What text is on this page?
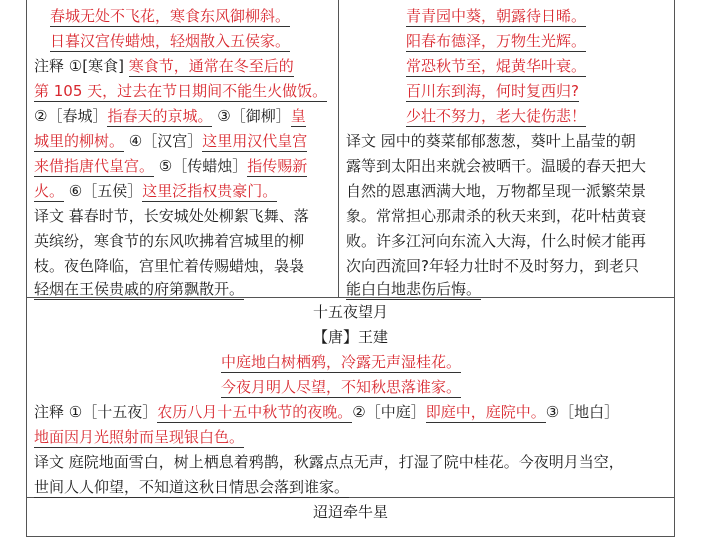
春城无处不飞花，寒食东风御柳斜。
日暮汉宫传蜡烛，轻烟散入五侯家。
注释 ①[寒食] 寒食节，通常在冬至后的
第 105 天，过去在节日期间不能生火做饭。
②［春城］指春天的京城。 ③［御柳］皇
城里的柳树。 ④［汉宫］这里用汉代皇宫
来借指唐代皇宫。 ⑤［传蜡烛］指传赐新
火。 ⑥［五侯］这里泛指权贵豪门。
译文 暮春时节，长安城处处柳絮飞舞、落
英缤纷，寒食节的东风吹拂着宫城里的柳
枝。夜色降临，宫里忙着传赐蜡烛，袅袅
轻烟在王侯贵戚的府第飘散开。
青青园中葵，朝露待日晞。
阳春布德泽，万物生光辉。
常恐秋节至，焜黄华叶衰。
百川东到海，何时复西归?
少壮不努力，老大徒伤悲！
译文 园中的葵菜郁郁葱葱，葵叶上晶莹的朝
露等到太阳出来就会被晒干。温暖的春天把大
自然的恩惠洒满大地，万物都呈现一派繁荣景
象。常常担心那肃杀的秋天来到，花叶枯黄衰
败。许多江河向东流入大海，什么时候才能再
次向西流回?年轻力壮时不及时努力，到老只
能白白地悲伤后悔。
十五夜望月
【唐】王建
中庭地白树栖鸦，冷露无声湿桂花。
今夜月明人尽望，不知秋思落谁家。
注释 ①［十五夜］农历八月十五中秋节的夜晚。②［中庭］即庭中，庭院中。③［地白］
地面因月光照射而呈现银白色。
译文 庭院地面雪白，树上栖息着鸦鹊，秋露点点无声，打湿了院中桂花。今夜明月当空，
世间人人仰望，不知道这秋日情思会落到谁家。
迢迢牵牛星
